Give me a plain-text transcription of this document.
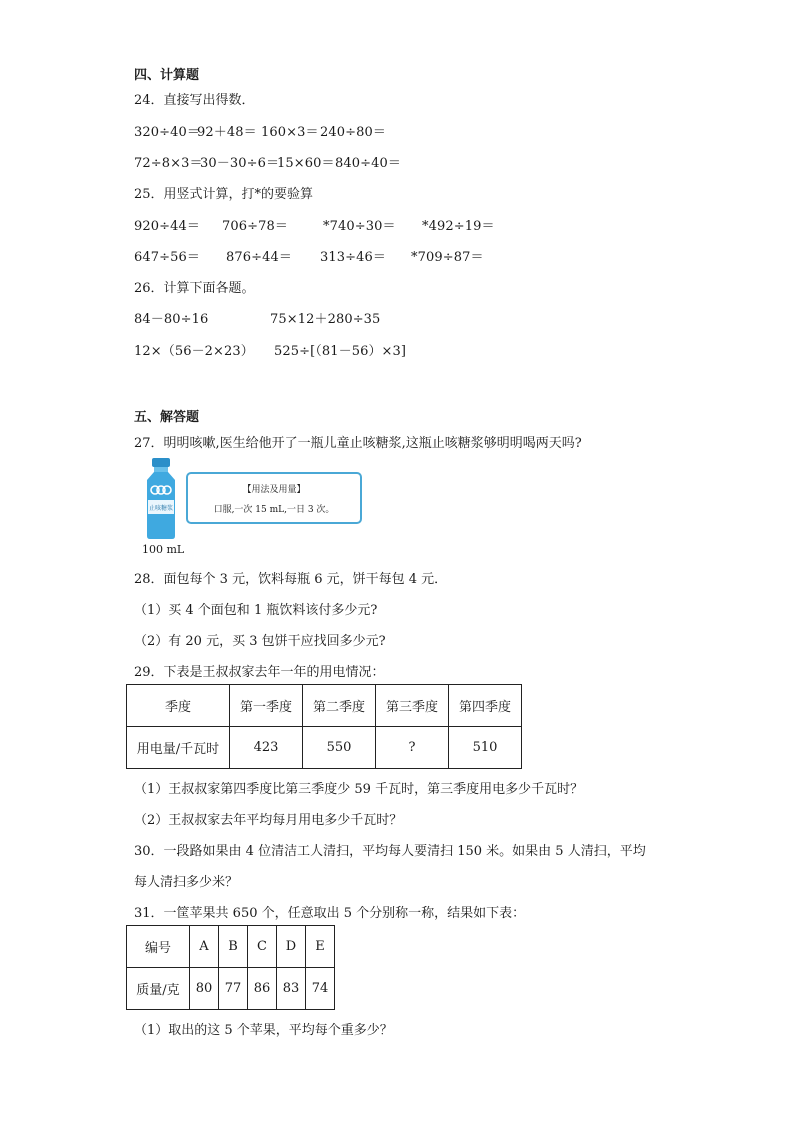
四、计算题
24．直接写出得数．
320÷40＝
92＋48＝ 160×3＝ 240÷80＝
72÷8×3＝
30－30÷6＝
15×60＝ 840÷40＝
25．用竖式计算，打*的要验算
920÷44＝ 706÷78＝	*740÷30＝ *492÷19＝
647÷56＝ 876÷44＝ 313÷46＝ *709÷87＝
26．计算下面各题。
84－80÷16	75×12＋280÷35
12×（56－2×23） 525÷[（81－56）×3]
五、解答题
27．明明咳嗽,医生给他开了一瓶儿童止咳糖浆,这瓶止咳糖浆够明明喝两天吗?
止咳糖浆
100 mL
【用法及用量】
口服,一次 15 mL,一日 3 次。
28．面包每个 3 元，饮料每瓶 6 元，饼干每包 4 元．
（1）买 4 个面包和 1 瓶饮料该付多少元?
（2）有 20 元，买 3 包饼干应找回多少元?
29．下表是王叔叔家去年一年的用电情况：
季度	第一季度	第二季度	第三季度	第四季度
用电量/千瓦时	423	550	?	510
（1）王叔叔家第四季度比第三季度少 59 千瓦时，第三季度用电多少千瓦时？
（2）王叔叔家去年平均每月用电多少千瓦时？
30．一段路如果由 4 位清洁工人清扫，平均每人要清扫 150 米。如果由 5 人清扫，平均
每人清扫多少米？
31．一筐苹果共 650 个，任意取出 5 个分别称一称，结果如下表：
编号	A	B	C	D	E
质量/克	80	77	86	83	74
（1）取出的这 5 个苹果，平均每个重多少？
